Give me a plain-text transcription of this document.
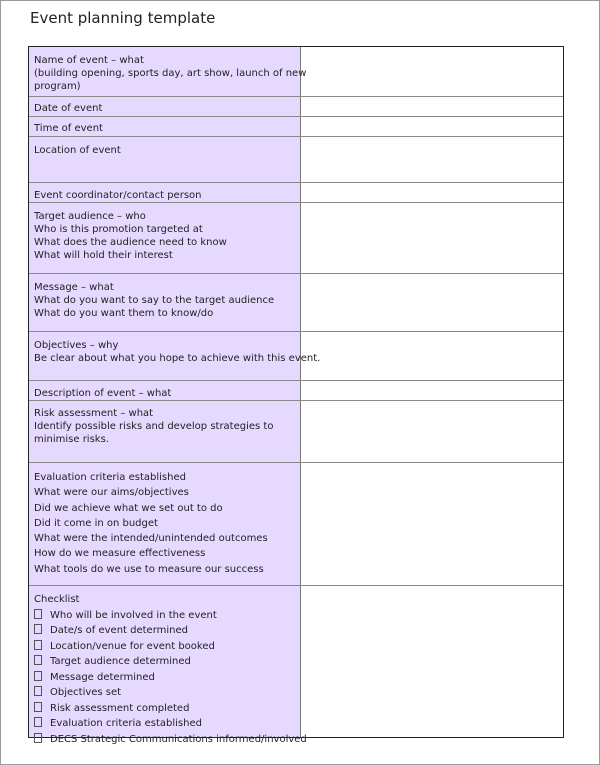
Event planning template
Name of event – what
(building opening, sports day, art show, launch of new
program)
Date of event
Time of event
Location of event
Event coordinator/contact person
Target audience – who
Who is this promotion targeted at
What does the audience need to know
What will hold their interest
Message – what
What do you want to say to the target audience
What do you want them to know/do
Objectives – why
Be clear about what you hope to achieve with this event.
Description of event – what
Risk assessment – what
Identify possible risks and develop strategies to
minimise risks.
Evaluation criteria established
What were our aims/objectives
Did we achieve what we set out to do
Did it come in on budget
What were the intended/unintended outcomes
How do we measure effectiveness
What tools do we use to measure our success
Checklist
Who will be involved in the event
Date/s of event determined
Location/venue for event booked
Target audience determined
Message determined
Objectives set
Risk assessment completed
Evaluation criteria established
DECS Strategic Communications informed/involved
